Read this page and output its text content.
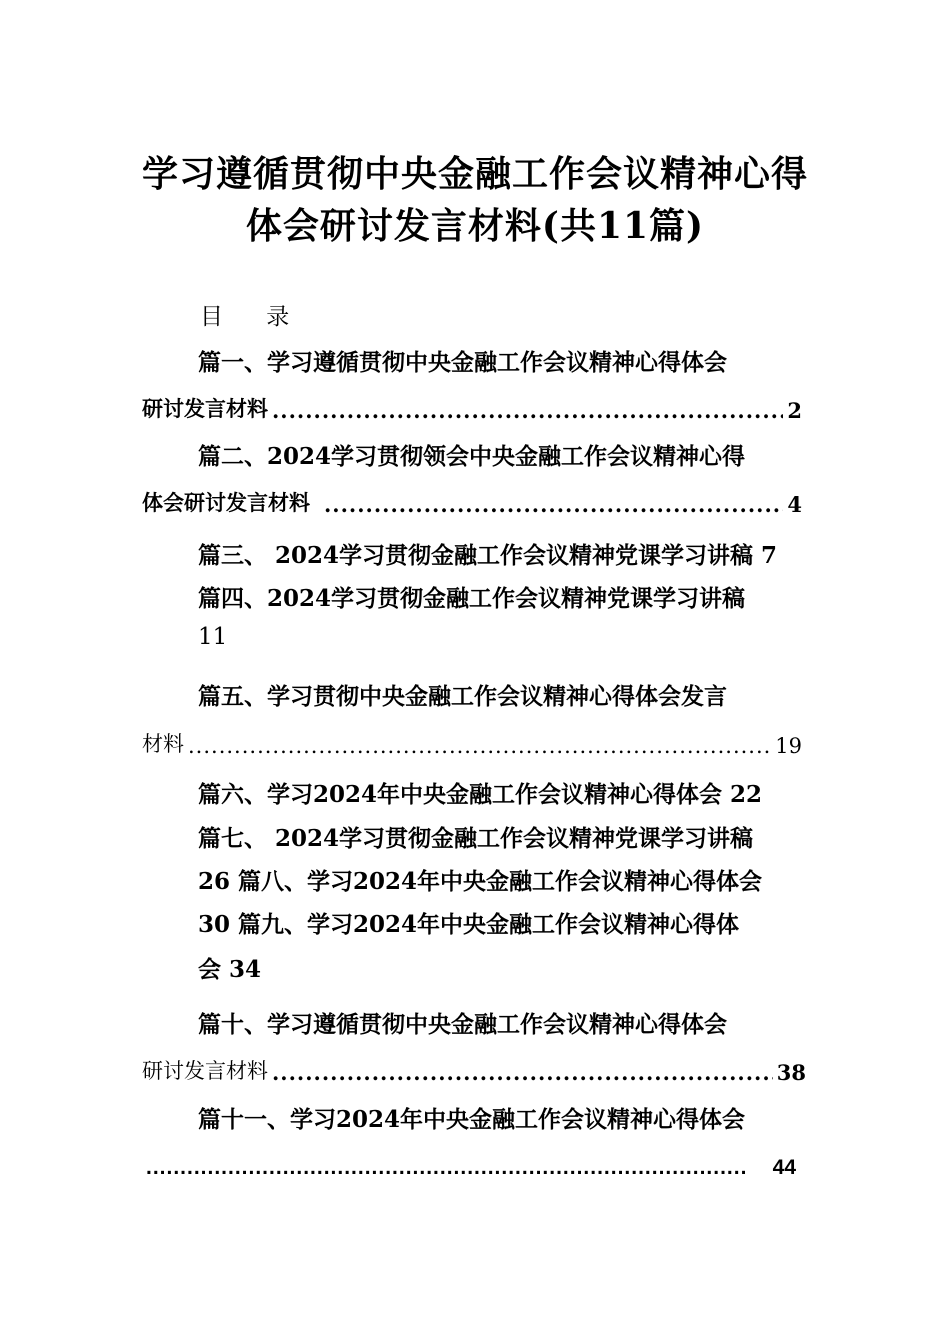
学习遵循贯彻中央金融工作会议精神心得
体会研讨发言材料(共11篇)
目 录
篇一、学习遵循贯彻中央金融工作会议精神心得体会
研讨发言材料 .....	2
篇二、2024学习贯彻领会中央金融工作会议精神心得
体会研讨发言材料 .....	4
篇三、 2024学习贯彻金融工作会议精神党课学习讲稿 7
篇四、2024学习贯彻金融工作会议精神党课学习讲稿
11
篇五、学习贯彻中央金融工作会议精神心得体会发言
材料 .....	19
篇六、学习2024年中央金融工作会议精神心得体会 22
篇七、 2024学习贯彻金融工作会议精神党课学习讲稿
26 篇八、学习2024年中央金融工作会议精神心得体会
30 篇九、学习2024年中央金融工作会议精神心得体
会 34
篇十、学习遵循贯彻中央金融工作会议精神心得体会
研讨发言材料 .....	38
篇十一、学习2024年中央金融工作会议精神心得体会
.....
44
